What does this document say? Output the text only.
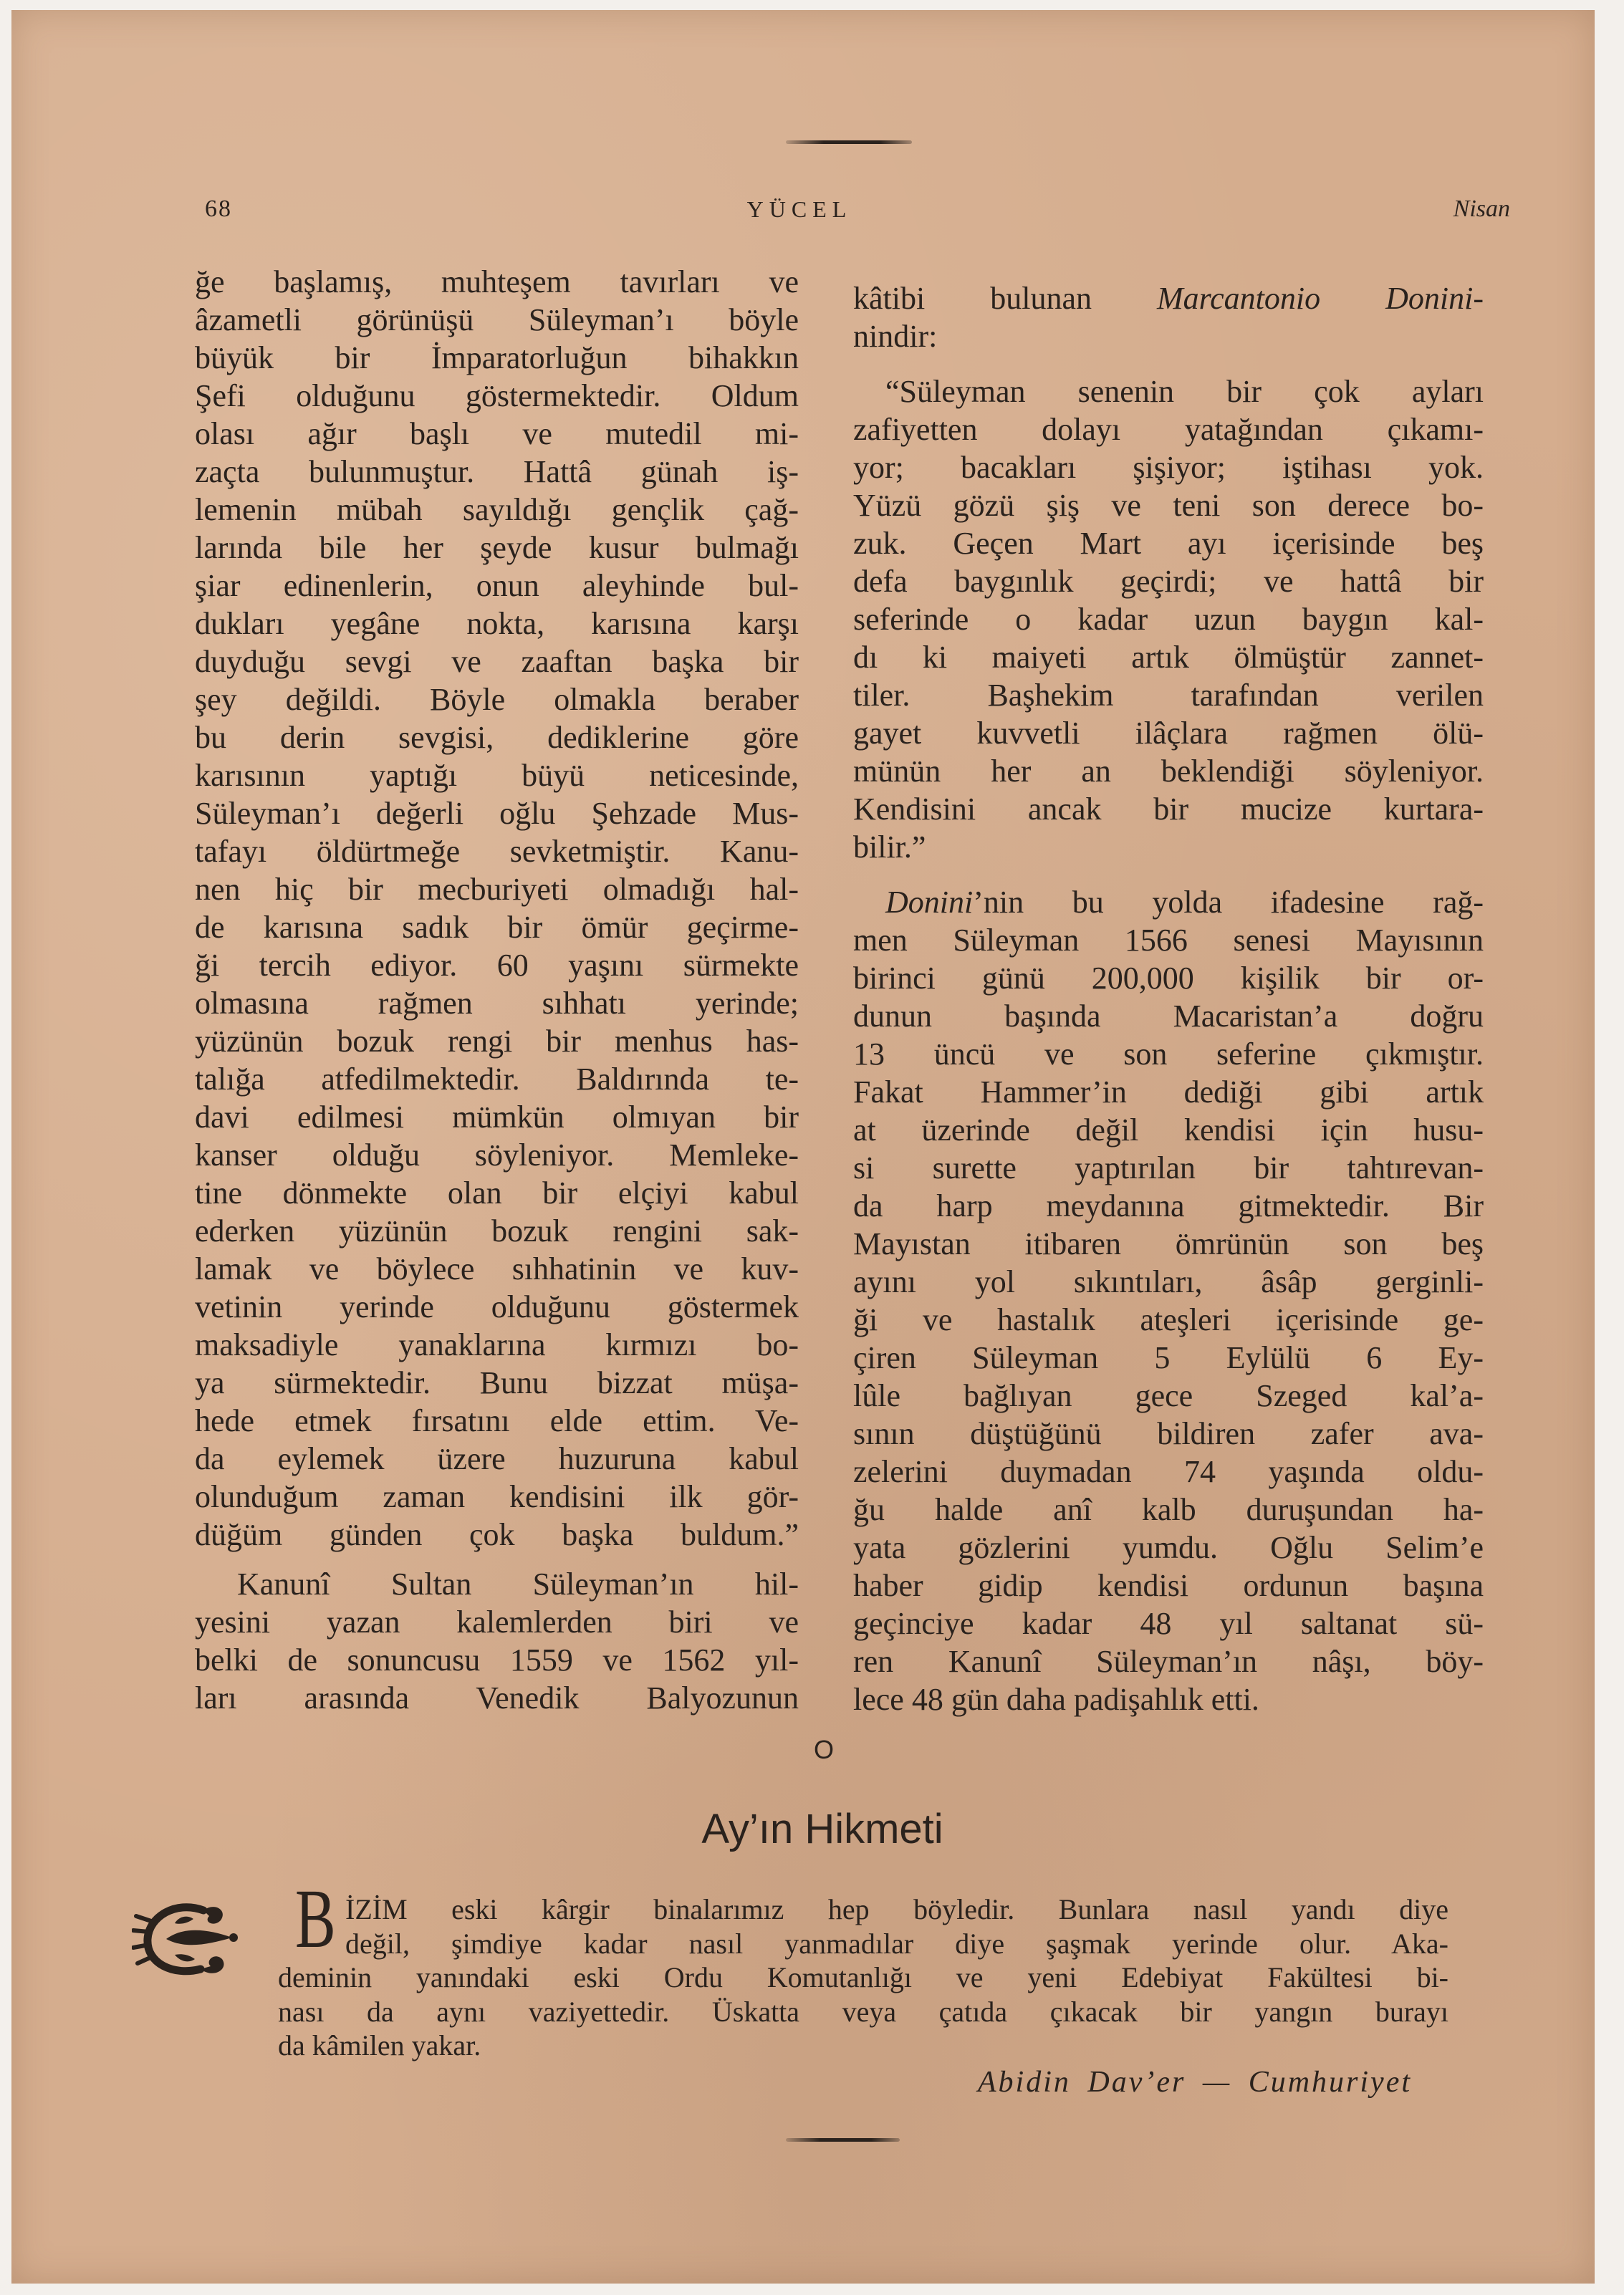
68	YÜCEL	Nisan
ğe başlamış, muhteşem tavırları ve
âzametli görünüşü Süleyman’ı böyle
büyük bir İmparatorluğun bihakkın
Şefi olduğunu göstermektedir. Oldum
olası ağır başlı ve mutedil mi-
zaçta bulunmuştur. Hattâ günah iş-
lemenin mübah sayıldığı gençlik çağ-
larında bile her şeyde kusur bulmağı
şiar edinenlerin, onun aleyhinde bul-
dukları yegâne nokta, karısına karşı
duyduğu sevgi ve zaaftan başka bir
şey değildi. Böyle olmakla beraber
bu derin sevgisi, dediklerine göre
karısının yaptığı büyü neticesinde,
Süleyman’ı değerli oğlu Şehzade Mus-
tafayı öldürtmeğe sevketmiştir. Kanu-
nen hiç bir mecburiyeti olmadığı hal-
de karısına sadık bir ömür geçirme-
ği tercih ediyor. 60 yaşını sürmekte
olmasına rağmen sıhhatı yerinde;
yüzünün bozuk rengi bir menhus has-
talığa atfedilmektedir. Baldırında te-
davi edilmesi mümkün olmıyan bir
kanser olduğu söyleniyor. Memleke-
tine dönmekte olan bir elçiyi kabul
ederken yüzünün bozuk rengini sak-
lamak ve böylece sıhhatinin ve kuv-
vetinin yerinde olduğunu göstermek
maksadiyle yanaklarına kırmızı bo-
ya sürmektedir. Bunu bizzat müşa-
hede etmek fırsatını elde ettim. Ve-
da eylemek üzere huzuruna kabul
olunduğum zaman kendisini ilk gör-
düğüm günden çok başka buldum.”
Kanunî Sultan Süleyman’ın hil-
yesini yazan kalemlerden biri ve
belki de sonuncusu 1559 ve 1562 yıl-
ları arasında Venedik Balyozunun
kâtibi bulunan Marcantonio Donini-
nindir:
“Süleyman senenin bir çok ayları
zafiyetten dolayı yatağından çıkamı-
yor; bacakları şişiyor; iştihası yok.
Yüzü gözü şiş ve teni son derece bo-
zuk. Geçen Mart ayı içerisinde beş
defa baygınlık geçirdi; ve hattâ bir
seferinde o kadar uzun baygın kal-
dı ki maiyeti artık ölmüştür zannet-
tiler. Başhekim tarafından verilen
gayet kuvvetli ilâçlara rağmen ölü-
münün her an beklendiği söyleniyor.
Kendisini ancak bir mucize kurtara-
bilir.”
Donini’nin bu yolda ifadesine rağ-
men Süleyman 1566 senesi Mayısının
birinci günü 200,000 kişilik bir or-
dunun başında Macaristan’a doğru
13 üncü ve son seferine çıkmıştır.
Fakat Hammer’in dediği gibi artık
at üzerinde değil kendisi için husu-
si surette yaptırılan bir tahtırevan-
da harp meydanına gitmektedir. Bir
Mayıstan itibaren ömrünün son beş
ayını yol sıkıntıları, âsâp gerginli-
ği ve hastalık ateşleri içerisinde ge-
çiren Süleyman 5 Eylülü 6 Ey-
lûle bağlıyan gece Szeged kal’a-
sının düştüğünü bildiren zafer ava-
zelerini duymadan 74 yaşında oldu-
ğu halde anî kalb duruşundan ha-
yata gözlerini yumdu. Oğlu Selim’e
haber gidip kendisi ordunun başına
geçinciye kadar 48 yıl saltanat sü-
ren Kanunî Süleyman’ın nâşı, böy-
lece 48 gün daha padişahlık etti.
O
Ay’ın Hikmeti
B İZİM eski kârgir binalarımız hep böyledir. Bunlara nasıl yandı diye
değil, şimdiye kadar nasıl yanmadılar diye şaşmak yerinde olur. Aka-
deminin yanındaki eski Ordu Komutanlığı ve yeni Edebiyat Fakültesi bi-
nası da aynı vaziyettedir. Üskatta veya çatıda çıkacak bir yangın burayı
da kâmilen yakar.
Abidin Dav’er — Cumhuriyet
